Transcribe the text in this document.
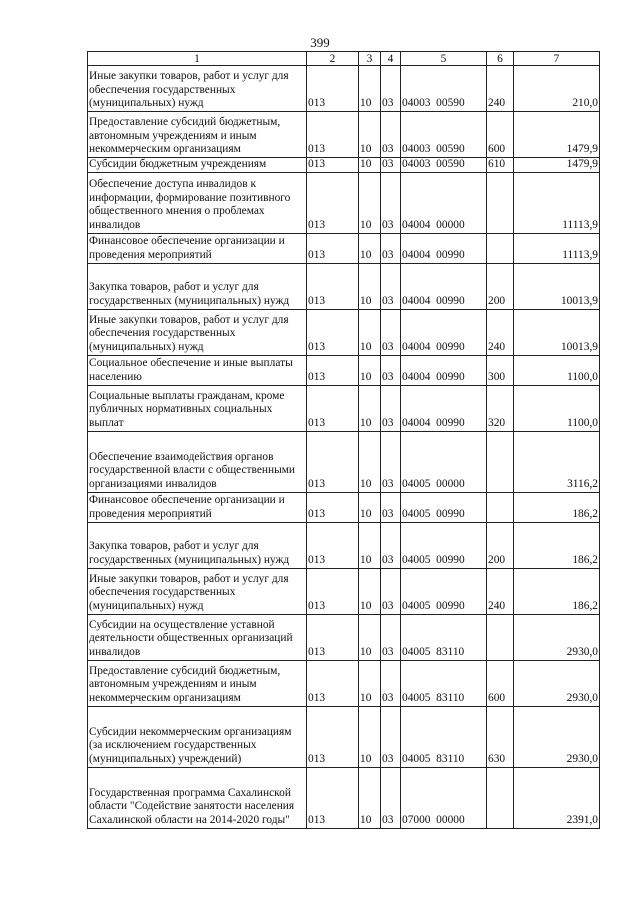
399
1	2	3	4	5	6	7
Иные закупки товаров, работ и услуг для обеспечения государственных (муниципальных) нужд	013	10	03	04003  00590	240	210,0
Предоставление субсидий бюджетным, автономным учреждениям и иным некоммерческим организациям	013	10	03	04003  00590	600	1479,9
Субсидии бюджетным учреждениям	013	10	03	04003  00590	610	1479,9
Обеспечение доступа инвалидов к информации, формирование позитивного общественного мнения о проблемах инвалидов	013	10	03	04004  00000		11113,9
Финансовое обеспечение организации и проведения мероприятий	013	10	03	04004  00990		11113,9
Закупка товаров, работ и услуг для государственных (муниципальных) нужд	013	10	03	04004  00990	200	10013,9
Иные закупки товаров, работ и услуг для обеспечения государственных (муниципальных) нужд	013	10	03	04004  00990	240	10013,9
Социальное обеспечение и иные выплаты населению	013	10	03	04004  00990	300	1100,0
Социальные выплаты гражданам, кроме публичных нормативных социальных выплат	013	10	03	04004  00990	320	1100,0
Обеспечение взаимодействия органов государственной власти с общественными организациями инвалидов	013	10	03	04005  00000		3116,2
Финансовое обеспечение организации и проведения мероприятий	013	10	03	04005  00990		186,2
Закупка товаров, работ и услуг для государственных (муниципальных) нужд	013	10	03	04005  00990	200	186,2
Иные закупки товаров, работ и услуг для обеспечения государственных (муниципальных) нужд	013	10	03	04005  00990	240	186,2
Субсидии на осуществление уставной деятельности общественных организаций инвалидов	013	10	03	04005  83110		2930,0
Предоставление субсидий бюджетным, автономным учреждениям и иным некоммерческим организациям	013	10	03	04005  83110	600	2930,0
Субсидии некоммерческим организациям (за исключением государственных (муниципальных) учреждений)	013	10	03	04005  83110	630	2930,0
Государственная программа Сахалинской области "Содействие занятости населения Сахалинской области на 2014-2020 годы"	013	10	03	07000  00000		2391,0
